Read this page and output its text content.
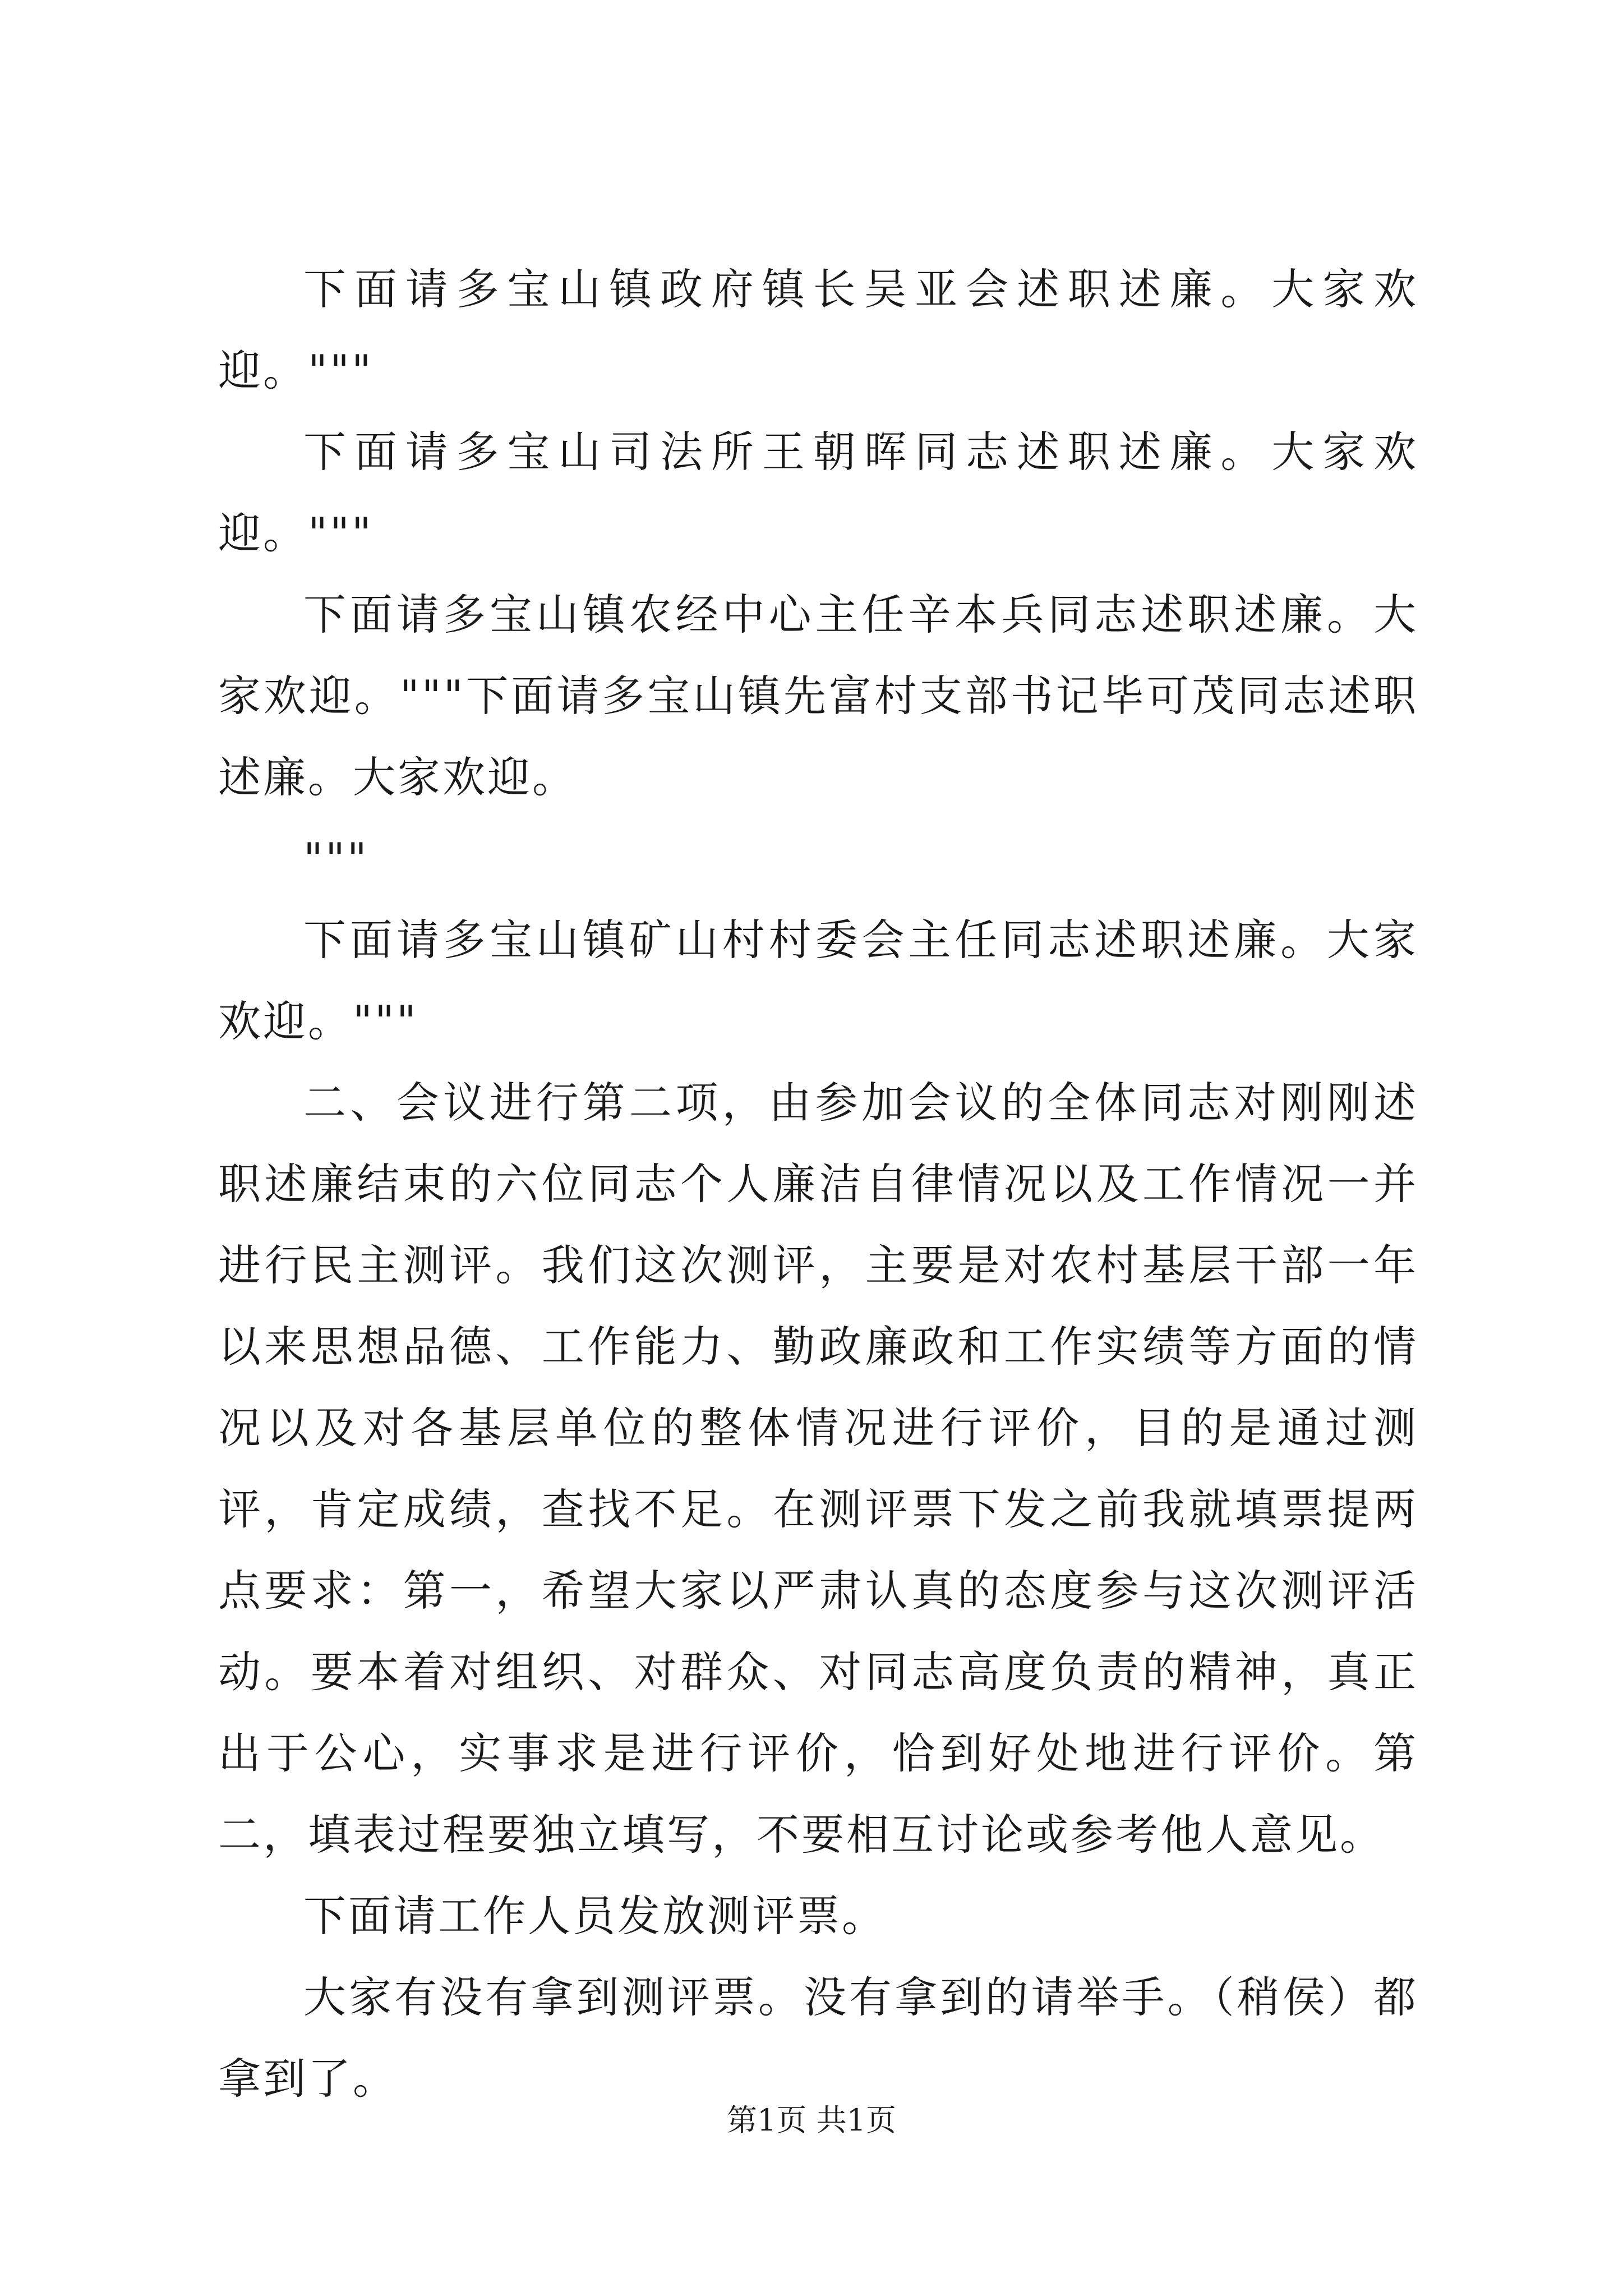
下面请多宝山镇政府镇长吴亚会述职述廉。大家欢迎。"""

下面请多宝山司法所王朝晖同志述职述廉。大家欢迎。"""

下面请多宝山镇农经中心主任辛本兵同志述职述廉。大家欢迎。"""下面请多宝山镇先富村支部书记毕可茂同志述职述廉。大家欢迎。

"""

下面请多宝山镇矿山村村委会主任同志述职述廉。大家欢迎。"""

二、会议进行第二项，由参加会议的全体同志对刚刚述职述廉结束的六位同志个人廉洁自律情况以及工作情况一并进行民主测评。我们这次测评，主要是对农村基层干部一年以来思想品德、工作能力、勤政廉政和工作实绩等方面的情况以及对各基层单位的整体情况进行评价，目的是通过测评，肯定成绩，查找不足。在测评票下发之前我就填票提两点要求：第一，希望大家以严肃认真的态度参与这次测评活动。要本着对组织、对群众、对同志高度负责的精神，真正出于公心，实事求是进行评价，恰到好处地进行评价。第二，填表过程要独立填写，不要相互讨论或参考他人意见。

下面请工作人员发放测评票。

大家有没有拿到测评票。没有拿到的请举手。（稍侯）都拿到了。

第1页 共1页
